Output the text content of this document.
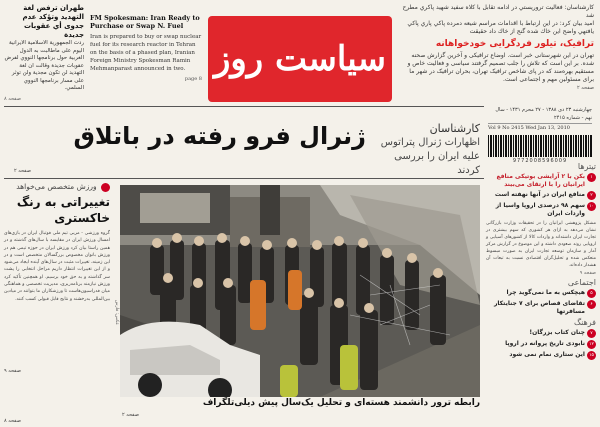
طهران ترفض لغة التهديد وتؤكد عدم جدوى أي عقوبات جديدة
ردت الجمهورية الاسلامية الايرانية اليوم على ماطالبت به الدول الغربية حول برنامجها النووي لفرض عقوبات جديدة وقالت ان لغة التهديد لن تكون مجدية ولن توثر على مسار برنامجها النووي السلمي.
صفحه ۸
FM Spokesman: Iran Ready to Purchase or Swap N. Fuel
Iran is prepared to buy or swap nuclear fuel for its research reactor in Tehran on the basis of a phased plan, Iranian Foreign Ministry Spokesman Ramin Mehmanparast announced in two.
page 8 سیاست روز
كارشناسان: فعاليت تروريستي در ادامه تقابل با كلاه سفيد شهيد پاكري مطرح شد
اميد بيان كرد: در اين ارتباط با اقدامات مراسم شيعه دمرده پاكي پاري پاكي
يافتهي واضح اين خاك شده گنج از خاك داد حقيقت
ترافیک، تیلور فردگرایی خودخواهانه
تهران در این شهرستانی خبر است. اوضاع ترافیکی و آخرین گزارش صحنه شده. بر این است که تلاش را جلب تصمیم گرفتند سیاسی و فعالیت خاص و مستقیم بهره‌مند که در پای شاخص ترافیک تهران، بحران ترافیک در شهر ما برای مسئولین مهم و اجتماعی است.
صفحه ۲
ژنرال فرو رفته در باتلاق	کارشناسان
اظهارات ژنرال پتراتوس علیه ایران را بررسی کردند
چهارشنبه ۲۳ دی ۱۳۸۸ - ۲۷ محرم ۱۴۳۱ - سال نهم - شماره ۲۴۱۵
Vol 9 No 2415 Wed Jan 13, 2010
9772008596009
ورزش متخصص می‌خواهد
تغییراتی به رنگ خاکستری
گروه ورزشی - مربی تیم ملی فوتبال ایران در بازی‌های امسال ورزش ایران در مقایسه با سال‌های گذشته و در همین راستا بیان کرد ورزش ایران در حوزه تیمی هم در ورزش بانوان مخصوص بزرگسالان متخصص است و در این زمینه، تغییرات مثبت در سال‌های آینده ایجاد می‌شود و از این تغییرات انتظار داریم مراحل انتخابی را پشت سر گذاشته و به حق خود برسیم. او همچنین تأکید کرد ورزش نیازمند برنامه‌ریزی، مدیریت تخصصی و هماهنگی میان فدراسیون‌هاست تا ورزشکاران ما بتوانند در میادین بین‌المللی بدرخشند و نتایج قابل قبولی کسب کنند.
صفحه ۹
صفحه ۸
صفحه ۲
عکس: فارس
رابطه ترور دانشمند هسته‌ای و تحلیل یک‌سال پیش دیلی‌تلگراف
صفحه ۲
تیترها
۱
بکن با ۲ آرایشی بوتیکی منافع ایرانیان را با ارتقای می‌بیند
۲
منافع ایران در آنها نهفته است
۱۰
سهم ۹۸ درصدی اروپا واسیا از واردات ایران
مشکل پژوهشی ایرانیان را در تحقیقات وزارت بازرگانی نشان می‌دهد به ازای هر کشوری که سهم بیشتری در تجارت ایران داشته‌اند و واردات کالا از کشورهای آسیایی و اروپایی روند صعودی داشته و این موضوع در گزارش مرکز آمار و سازمان توسعه تجارت ایران به صورت مبسوط منعکس شده و تحلیل‌گران اقتصادی نسبت به تبعات آن هشدار داده‌اند.
صفحه ۹
اجتماعی
۵
هیچکس به ما نمی‌گوید چرا
۶
تقاضای قصاص برای ۷ جنایتکار مسافرتها
فرهنگ
۷
چنان کتاب بزرگان!
۱۲
نابودی تاریخ پروانه در اروپا
۱۵
این ستاری نمام نمی شود
